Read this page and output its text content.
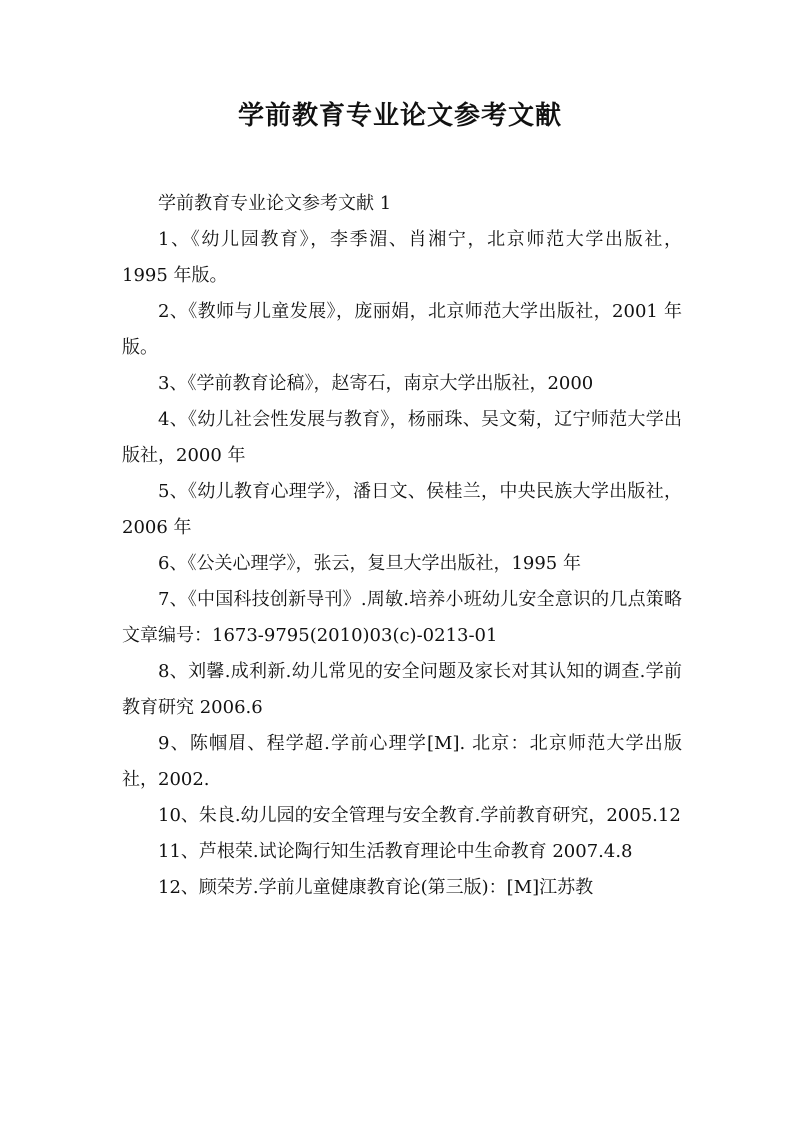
学前教育专业论文参考文献

学前教育专业论文参考文献 1

1、《幼儿园教育》，李季湄、肖湘宁，北京师范大学出版社，1995 年版。

2、《教师与儿童发展》，庞丽娟，北京师范大学出版社，2001 年版。

3、《学前教育论稿》，赵寄石，南京大学出版社，2000

4、《幼儿社会性发展与教育》，杨丽珠、吴文菊，辽宁师范大学出版社，2000 年

5、《幼儿教育心理学》，潘日文、侯桂兰，中央民族大学出版社，2006 年

6、《公关心理学》，张云，复旦大学出版社，1995 年

7、《中国科技创新导刊》.周敏.培养小班幼儿安全意识的几点策略 文章编号：1673-9795(2010)03(c)-0213-01

8、刘馨.成利新.幼儿常见的安全问题及家长对其认知的调查.学前教育研究 2006.6

9、陈帼眉、程学超.学前心理学[M]. 北京：北京师范大学出版社，2002.

10、朱良.幼儿园的安全管理与安全教育.学前教育研究，2005.12

11、芦根荣.试论陶行知生活教育理论中生命教育 2007.4.8

12、顾荣芳.学前儿童健康教育论(第三版)：[M]江苏教
